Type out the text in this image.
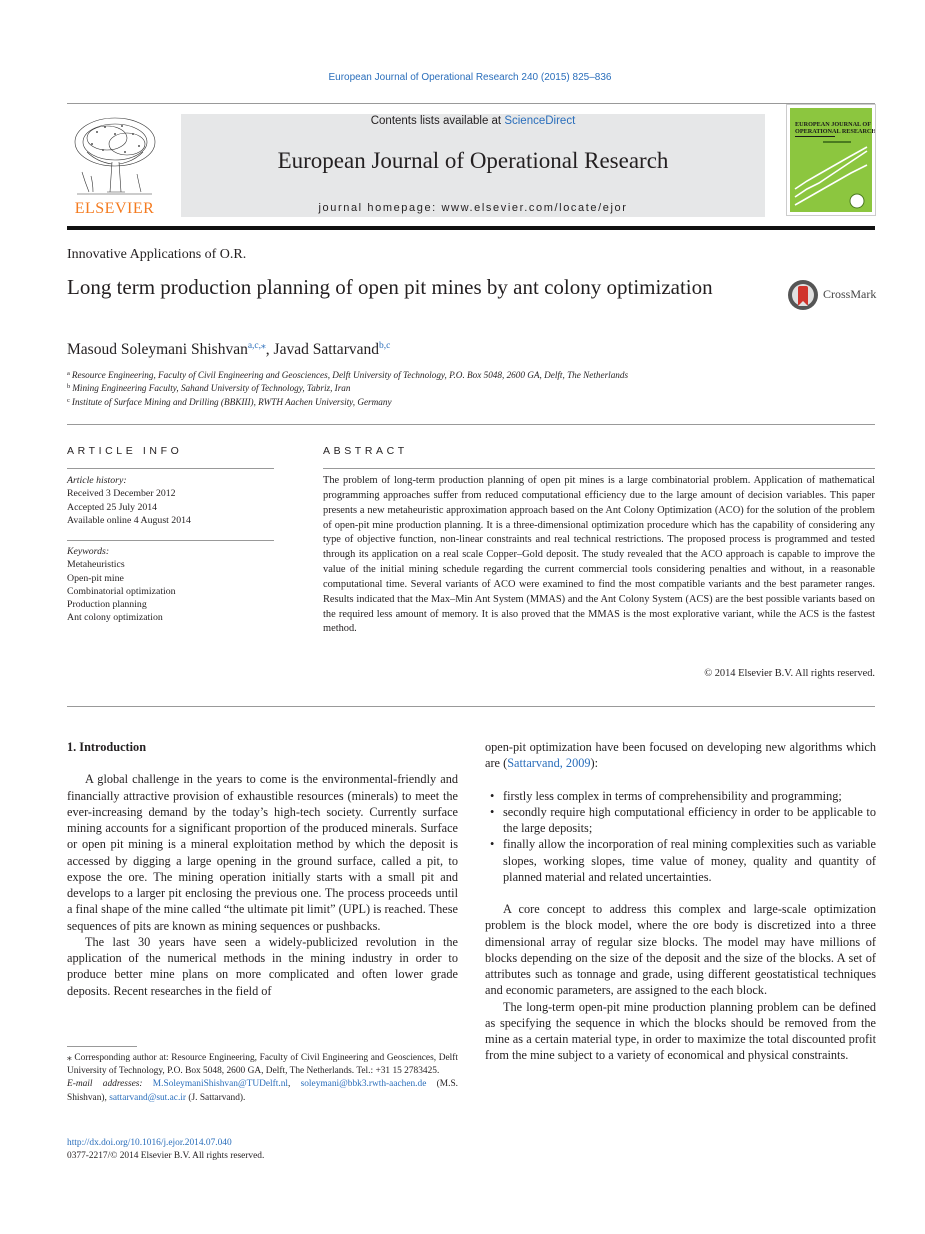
European Journal of Operational Research 240 (2015) 825–836
ELSEVIER
Contents lists available at ScienceDirect
European Journal of Operational Research
journal homepage: www.elsevier.com/locate/ejor
EUROPEAN JOURNAL OF
OPERATIONAL RESEARCH
Innovative Applications of O.R.
Long term production planning of open pit mines by ant colony optimization	CrossMark
Masoud Soleymani Shishvan$^{a,c,⁎}$, Javad Sattarvand$^{b,c}$
$^a$ Resource Engineering, Faculty of Civil Engineering and Geosciences, Delft University of Technology, P.O. Box 5048, 2600 GA, Delft, The Netherlands
$^b$ Mining Engineering Faculty, Sahand University of Technology, Tabriz, Iran
$^c$ Institute of Surface Mining and Drilling (BBKIII), RWTH Aachen University, Germany
ARTICLE INFO
Article history:
Received 3 December 2012
Accepted 25 July 2014
Available online 4 August 2014
Keywords:
Metaheuristics
Open-pit mine
Combinatorial optimization
Production planning
Ant colony optimization
ABSTRACT
The problem of long-term production planning of open pit mines is a large combinatorial problem. Application of mathematical programming approaches suffer from reduced computational efficiency due to the large amount of decision variables. This paper presents a new metaheuristic approximation approach based on the Ant Colony Optimization (ACO) for the solution of the problem of open-pit mine production planning. It is a three-dimensional optimization procedure which has the capability of considering any type of objective function, non-linear constraints and real technical restrictions. The proposed process is programmed and tested through its application on a real scale Copper–Gold deposit. The study revealed that the ACO approach is capable to improve the value of the initial mining schedule regarding the current commercial tools considering penalties and without, in a reasonable computational time. Several variants of ACO were examined to find the most compatible variants and the best parameter ranges. Results indicated that the Max–Min Ant System (MMAS) and the Ant Colony System (ACS) are the best possible variants based on the required less amount of memory. It is also proved that the MMAS is the most explorative variant, while the ACS is the fastest method.
© 2014 Elsevier B.V. All rights reserved.
1. Introduction

A global challenge in the years to come is the environmental-friendly and financially attractive provision of exhaustible resources (minerals) to meet the ever-increasing demand by the today’s high-tech society. Currently surface mining accounts for a significant proportion of the produced minerals. Surface or open pit mining is a mineral exploitation method by which the deposit is accessed by digging a large opening in the ground surface, called a pit, to expose the ore. The mining operation initially starts with a small pit and develops to a larger pit enclosing the previous one. The process proceeds until a final shape of the mine called “the ultimate pit limit” (UPL) is reached. These sequences of pits are known as mining sequences or pushbacks.

The last 30 years have seen a widely-publicized revolution in the application of the numerical methods in the mining industry in order to produce better mine plans on more complicated and often lower grade deposits. Recent researches in the field of

⁎ Corresponding author at: Resource Engineering, Faculty of Civil Engineering and Geosciences, Delft University of Technology, P.O. Box 5048, 2600 GA, Delft, The Netherlands. Tel.: +31 15 2783425.
E-mail addresses: M.SoleymaniShishvan@TUDelft.nl, soleymani@bbk3.rwth-aachen.de (M.S. Shishvan), sattarvand@sut.ac.ir (J. Sattarvand).
http://dx.doi.org/10.1016/j.ejor.2014.07.040
0377-2217/© 2014 Elsevier B.V. All rights reserved.
open-pit optimization have been focused on developing new algorithms which are (Sattarvand, 2009):
• firstly less complex in terms of comprehensibility and programming;
• secondly require high computational efficiency in order to be applicable to the large deposits;
• finally allow the incorporation of real mining complexities such as variable slopes, working slopes, time value of money, quality and quantity of planned material and related uncertainties.

A core concept to address this complex and large-scale optimization problem is the block model, where the ore body is discretized into a three dimensional array of regular size blocks. The model may have millions of blocks depending on the size of the deposit and the size of the blocks. A set of attributes such as tonnage and grade, using different geostatistical techniques and economic parameters, are assigned to the each block.

The long-term open-pit mine production planning problem can be defined as specifying the sequence in which the blocks should be removed from the mine as a certain material type, in order to maximize the total discounted profit from the mine subject to a variety of economical and physical constraints.
